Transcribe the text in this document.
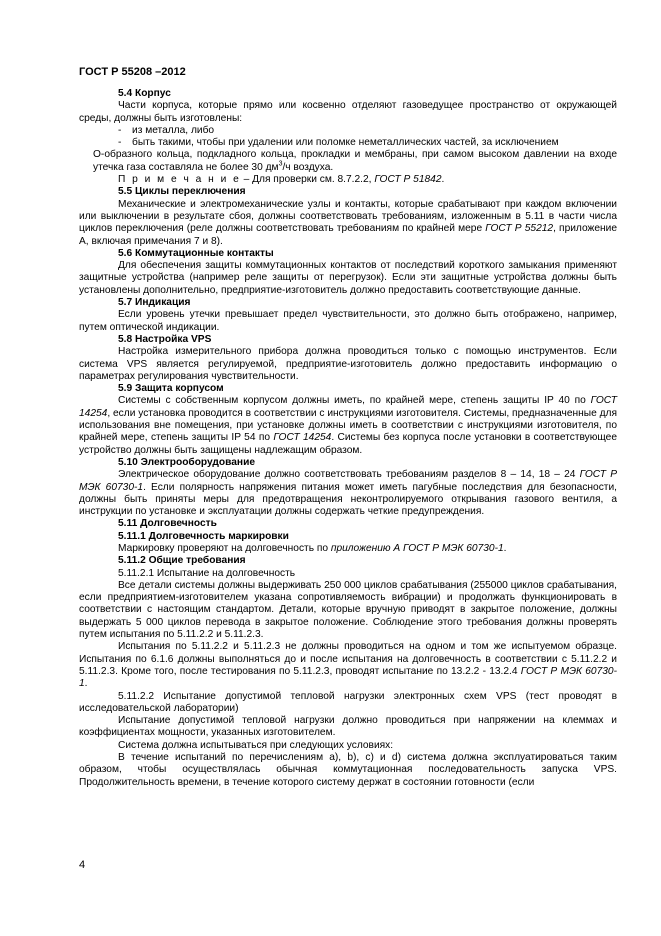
ГОСТ Р 55208 –2012

5.4 Корпус

Части корпуса, которые прямо или косвенно отделяют газоведущее пространство от окружающей среды, должны быть изготовлены:

- из металла, либо

- быть такими, чтобы при удалении или поломке неметаллических частей, за исключением

О-образного кольца, подкладного кольца, прокладки и мембраны, при самом высоком давлении на входе утечка газа составляла не более 30 $дм^3/ч$ воздуха.

П р и м е ч а н и е – Для проверки см. 8.7.2.2, ГОСТ Р 51842.

5.5 Циклы переключения

Механические и электромеханические узлы и контакты, которые срабатывают при каждом включении или выключении в результате сбоя, должны соответствовать требованиям, изложенным в 5.11 в части числа циклов переключения (реле должны соответствовать требованиям по крайней мере ГОСТ Р 55212, приложение А, включая примечания 7 и 8).

5.6 Коммутационные контакты

Для обеспечения защиты коммутационных контактов от последствий короткого замыкания применяют защитные устройства (например реле защиты от перегрузок). Если эти защитные устройства должны быть установлены дополнительно, предприятие-изготовитель должно предоставить соответствующие данные.

5.7 Индикация

Если уровень утечки превышает предел чувствительности, это должно быть отображено, например, путем оптической индикации.

5.8 Настройка VPS

Настройка измерительного прибора должна проводиться только с помощью инструментов. Если система VPS является регулируемой, предприятие-изготовитель должно предоставить информацию о параметрах регулирования чувствительности.

5.9 Защита корпусом

Системы с собственным корпусом должны иметь, по крайней мере, степень защиты IP 40 по ГОСТ 14254, если установка проводится в соответствии с инструкциями изготовителя. Системы, предназначенные для использования вне помещения, при установке должны иметь в соответствии с инструкциями изготовителя, по крайней мере, степень защиты IP 54 по ГОСТ 14254. Системы без корпуса после установки в соответствующее устройство должны быть защищены надлежащим образом.

5.10 Электрооборудование

Электрическое оборудование должно соответствовать требованиям разделов 8 – 14, 18 – 24 ГОСТ Р МЭК 60730-1. Если полярность напряжения питания может иметь пагубные последствия для безопасности, должны быть приняты меры для предотвращения неконтролируемого открывания газового вентиля, а инструкции по установке и эксплуатации должны содержать четкие предупреждения.

5.11 Долговечность

5.11.1 Долговечность маркировки

Маркировку проверяют на долговечность по приложению А ГОСТ Р МЭК 60730-1.

5.11.2 Общие требования

5.11.2.1 Испытание на долговечность

Все детали системы должны выдерживать 250 000 циклов срабатывания (255000 циклов срабатывания, если предприятием-изготовителем указана сопротивляемость вибрации) и продолжать функционировать в соответствии с настоящим стандартом. Детали, которые вручную приводят в закрытое положение, должны выдержать 5 000 циклов перевода в закрытое положение. Соблюдение этого требования должны проверять путем испытания по 5.11.2.2 и 5.11.2.3.

Испытания по 5.11.2.2 и 5.11.2.3 не должны проводиться на одном и том же испытуемом образце. Испытания по 6.1.6 должны выполняться до и после испытания на долговечность в соответствии с 5.11.2.2 и 5.11.2.3. Кроме того, после тестирования по 5.11.2.3, проводят испытание по 13.2.2 - 13.2.4 ГОСТ Р МЭК 60730-1.

5.11.2.2 Испытание допустимой тепловой нагрузки электронных схем VPS (тест проводят в исследовательской лаборатории)

Испытание допустимой тепловой нагрузки должно проводиться при напряжении на клеммах и коэффициентах мощности, указанных изготовителем.

Система должна испытываться при следующих условиях:

В течение испытаний по перечислениям a), b), c) и d) система должна эксплуатироваться таким образом, чтобы осуществлялась обычная коммутационная последовательность запуска VPS. Продолжительность времени, в течение которого систему держат в состоянии готовности (если

4
